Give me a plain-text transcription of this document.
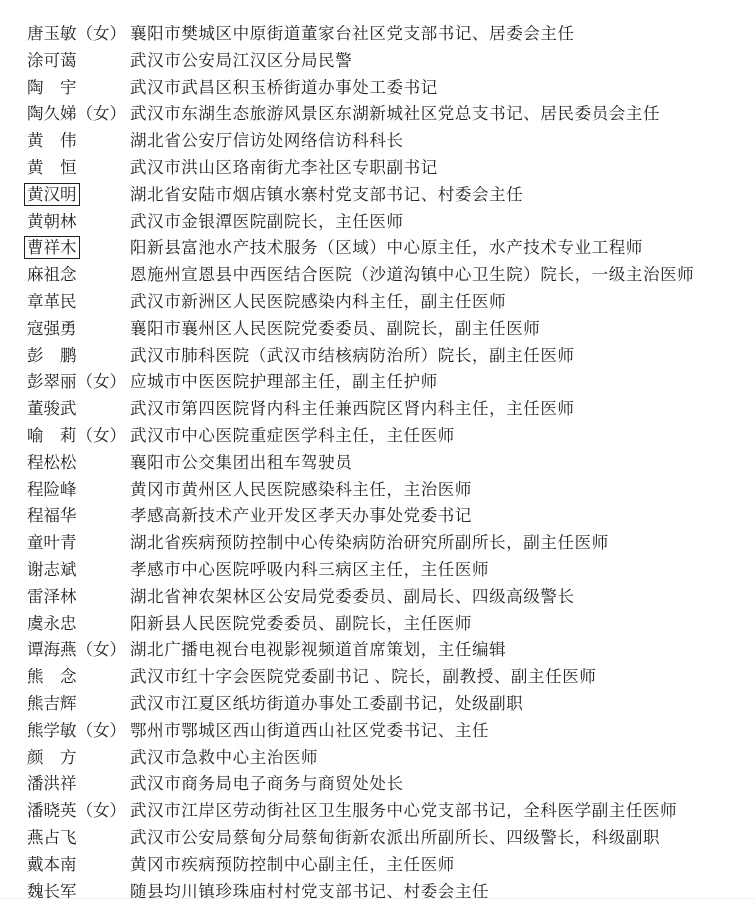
唐玉敏 （女） 襄阳市樊城区中原街道董家台社区党支部书记、居委会主任
涂可蔼	武汉市公安局江汉区分局民警
陶　宇	武汉市武昌区积玉桥街道办事处工委书记
陶久娣 （女） 武汉市东湖生态旅游风景区东湖新城社区党总支书记、居民委员会主任
黄　伟	湖北省公安厅信访处网络信访科科长
黄　恒	武汉市洪山区珞南街尤李社区专职副书记
黄汉明	湖北省安陆市烟店镇水寨村党支部书记、村委会主任
黄朝林	武汉市金银潭医院副院长，主任医师
曹祥木	阳新县富池水产技术服务（区域）中心原主任，水产技术专业工程师
麻祖念	恩施州宣恩县中西医结合医院（沙道沟镇中心卫生院）院长，一级主治医师
章革民	武汉市新洲区人民医院感染内科主任，副主任医师
寇强勇	襄阳市襄州区人民医院党委委员、副院长，副主任医师
彭　鹏	武汉市肺科医院（武汉市结核病防治所）院长，副主任医师
彭翠丽 （女） 应城市中医医院护理部主任，副主任护师
董骏武	武汉市第四医院肾内科主任兼西院区肾内科主任，主任医师
喻　莉 （女） 武汉市中心医院重症医学科主任，主任医师
程松松	襄阳市公交集团出租车驾驶员
程险峰	黄冈市黄州区人民医院感染科主任，主治医师
程福华	孝感高新技术产业开发区孝天办事处党委书记
童叶青	湖北省疾病预防控制中心传染病防治研究所副所长，副主任医师
谢志斌	孝感市中心医院呼吸内科三病区主任，主任医师
雷泽林	湖北省神农架林区公安局党委委员、副局长、四级高级警长
虞永忠	阳新县人民医院党委委员、副院长，主任医师
谭海燕 （女） 湖北广播电视台电视影视频道首席策划，主任编辑
熊　念	武汉市红十字会医院党委副书记 、院长，副教授、副主任医师
熊吉辉	武汉市江夏区纸坊街道办事处工委副书记，处级副职
熊学敏 （女） 鄂州市鄂城区西山街道西山社区党委书记、主任
颜　方	武汉市急救中心主治医师
潘洪祥	武汉市商务局电子商务与商贸处处长
潘晓英 （女） 武汉市江岸区劳动街社区卫生服务中心党支部书记，全科医学副主任医师
燕占飞	武汉市公安局蔡甸分局蔡甸街新农派出所副所长、四级警长，科级副职
戴本南	黄冈市疾病预防控制中心副主任，主任医师
魏长军	随县均川镇珍珠庙村村党支部书记、村委会主任
